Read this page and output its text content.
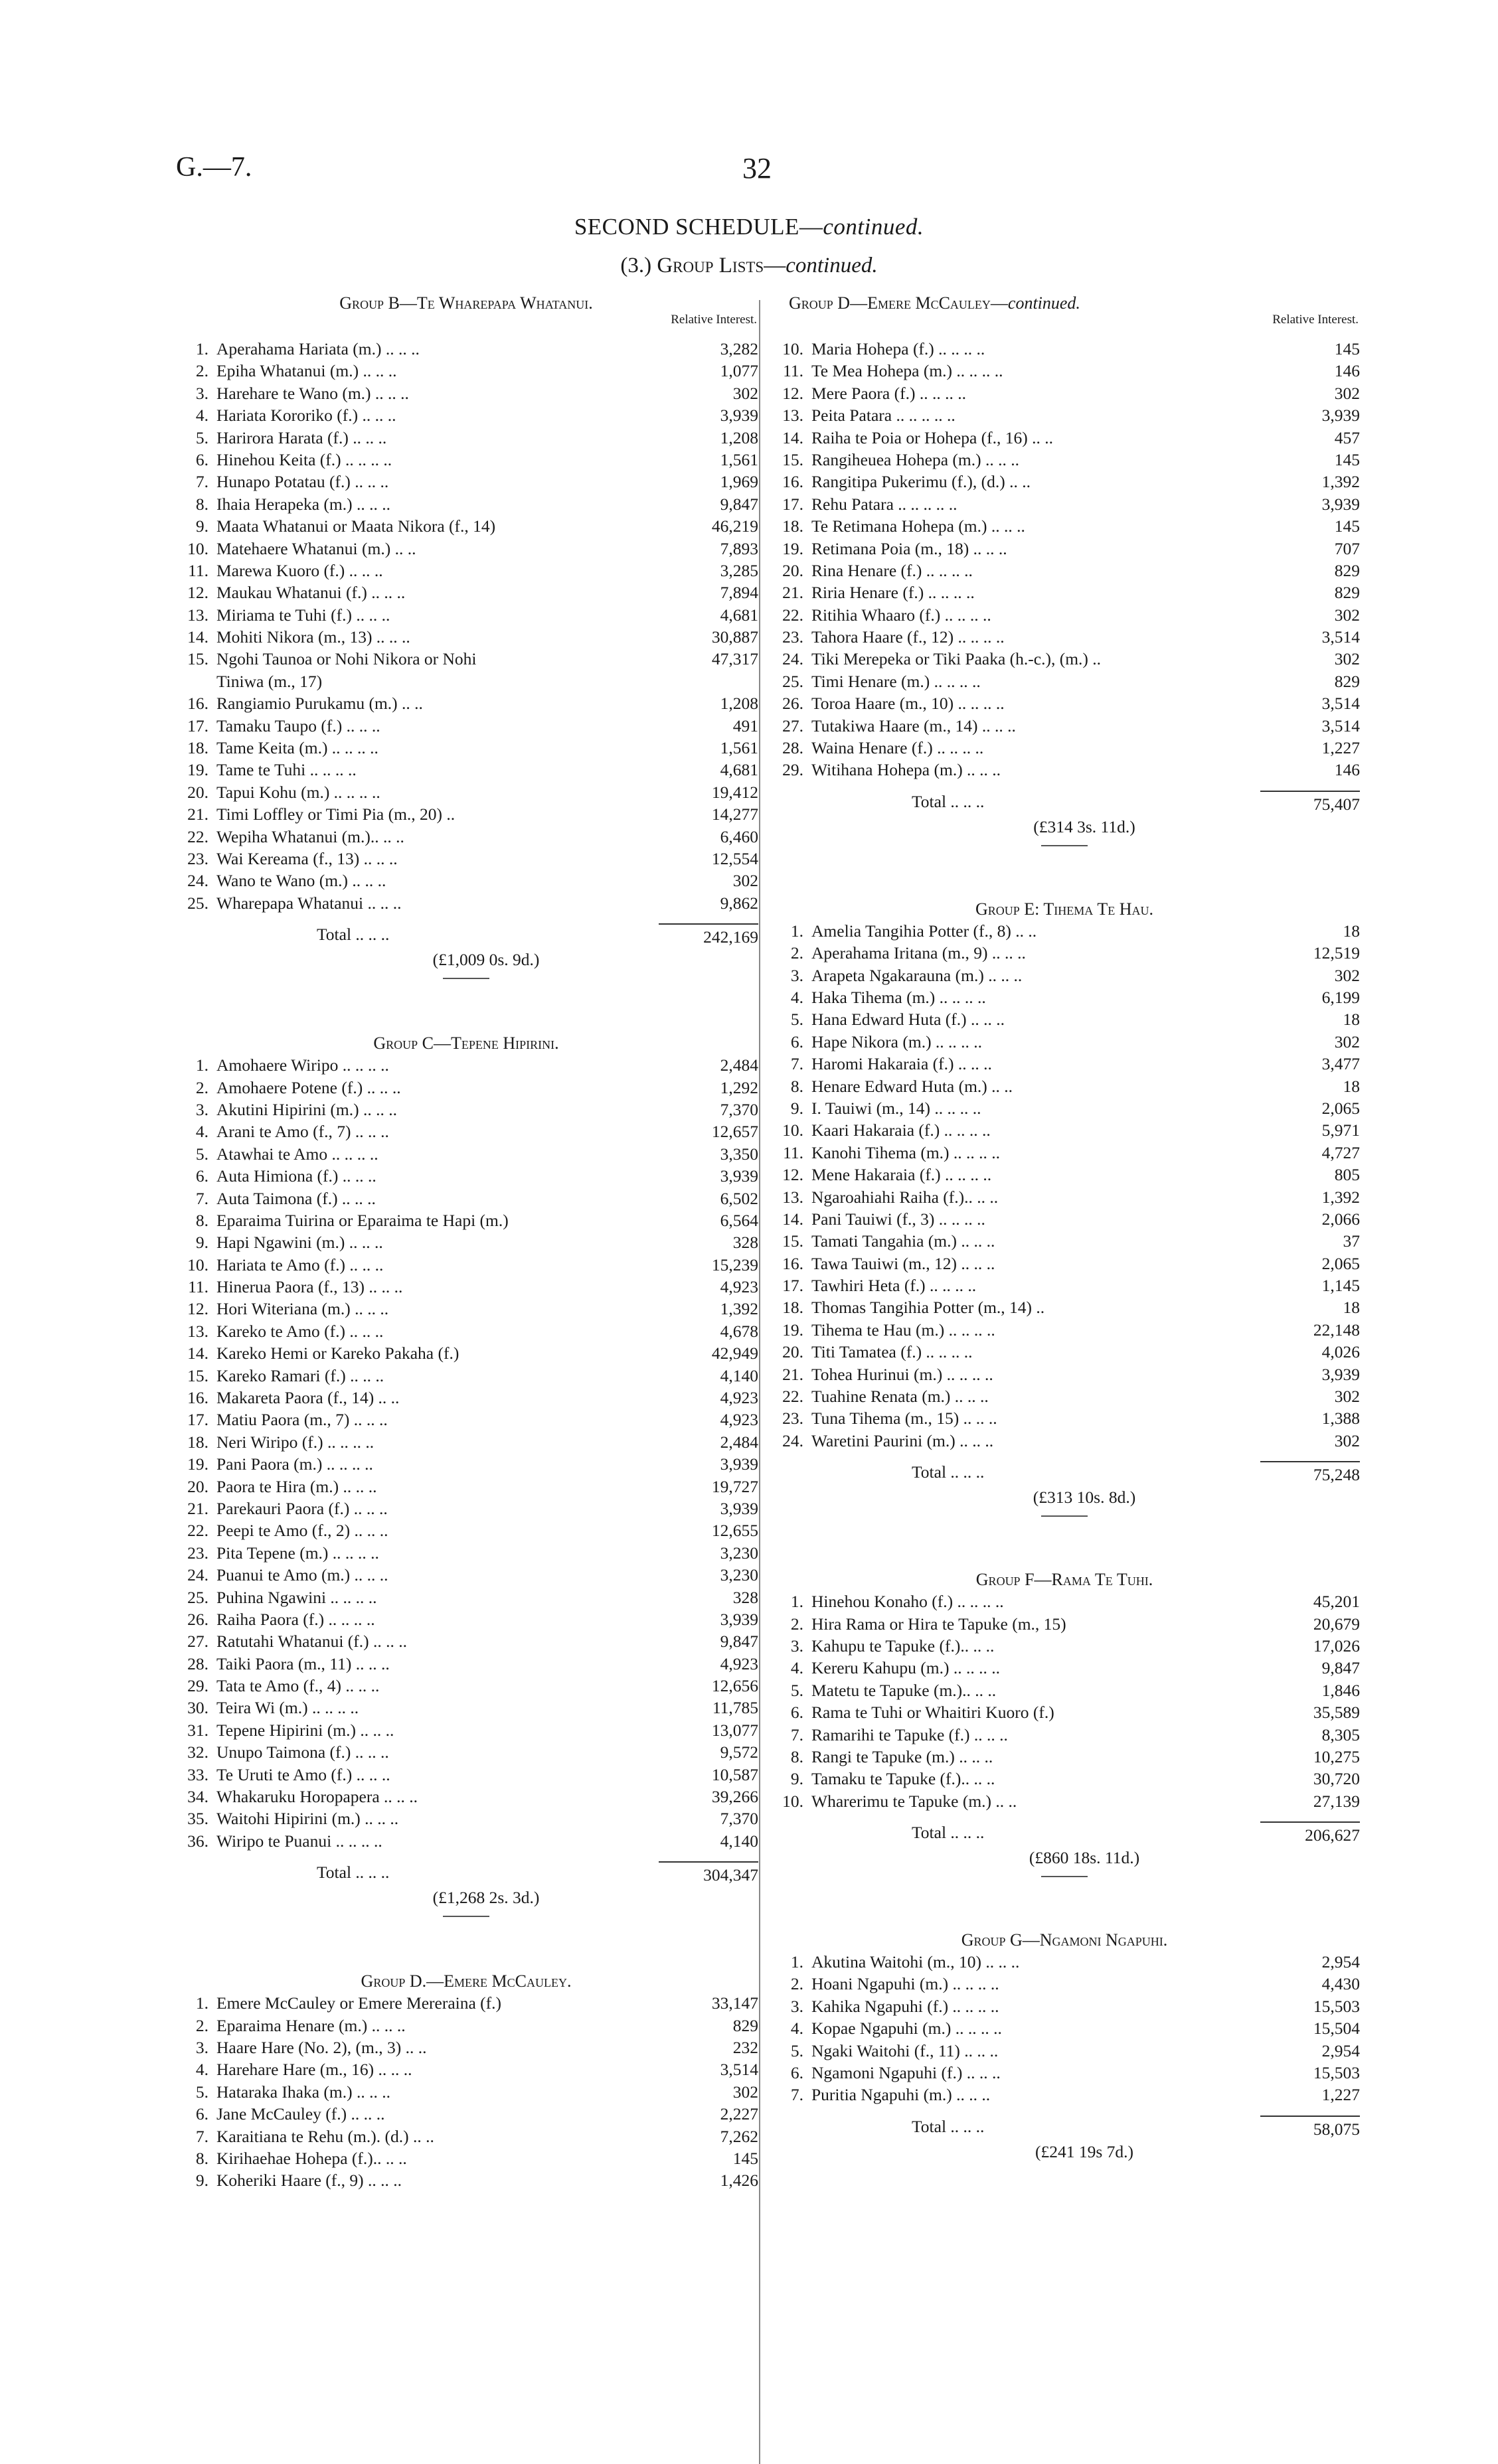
G.—7.	32
SECOND SCHEDULE—continued.
(3.) Group Lists—continued.
Group B—Te Wharepapa Whatanui.
Relative Interest.
1. Aperahama Hariata (m.) .. .. ..	3,282
2. Epiha Whatanui (m.) .. .. ..	1,077
3. Harehare te Wano (m.) .. .. ..	302
4. Hariata Kororiko (f.) .. .. ..	3,939
5. Harirora Harata (f.) .. .. ..	1,208
6. Hinehou Keita (f.) .. .. .. ..	1,561
7. Hunapo Potatau (f.) .. .. ..	1,969
8. Ihaia Herapeka (m.) .. .. ..	9,847
9. Maata Whatanui or Maata Nikora (f., 14)	46,219
10. Matehaere Whatanui (m.) .. ..	7,893
11. Marewa Kuoro (f.) .. .. ..	3,285
12. Maukau Whatanui (f.) .. .. ..	7,894
13. Miriama te Tuhi (f.) .. .. ..	4,681
14. Mohiti Nikora (m., 13) .. .. ..	30,887
15. Ngohi Taunoa or Nohi Nikora or Nohi	47,317
Tiniwa (m., 17)
16. Rangiamio Purukamu (m.) .. ..	1,208
17. Tamaku Taupo (f.) .. .. ..	491
18. Tame Keita (m.) .. .. .. ..	1,561
19. Tame te Tuhi .. .. .. ..	4,681
20. Tapui Kohu (m.) .. .. .. ..	19,412
21. Timi Loffley or Timi Pia (m., 20) ..	14,277
22. Wepiha Whatanui (m.).. .. ..	6,460
23. Wai Kereama (f., 13) .. .. ..	12,554
24. Wano te Wano (m.) .. .. ..	302
25. Wharepapa Whatanui .. .. ..	9,862
Total .. .. ..	242,169
(£1,009 0s. 9d.)
Group C—Tepene Hipirini.
1. Amohaere Wiripo .. .. .. ..	2,484
2. Amohaere Potene (f.) .. .. ..	1,292
3. Akutini Hipirini (m.) .. .. ..	7,370
4. Arani te Amo (f., 7) .. .. ..	12,657
5. Atawhai te Amo .. .. .. ..	3,350
6. Auta Himiona (f.) .. .. ..	3,939
7. Auta Taimona (f.) .. .. ..	6,502
8. Eparaima Tuirina or Eparaima te Hapi (m.)	6,564
9. Hapi Ngawini (m.) .. .. ..	328
10. Hariata te Amo (f.) .. .. ..	15,239
11. Hineruа Paora (f., 13) .. .. ..	4,923
12. Hori Witeriana (m.) .. .. ..	1,392
13. Kareko te Amo (f.) .. .. ..	4,678
14. Kareko Hemi or Kareko Pakaha (f.)	42,949
15. Kareko Ramari (f.) .. .. ..	4,140
16. Makareta Paora (f., 14) .. ..	4,923
17. Matiu Paora (m., 7) .. .. ..	4,923
18. Neri Wiripo (f.) .. .. .. ..	2,484
19. Pani Paora (m.) .. .. .. ..	3,939
20. Paora te Hira (m.) .. .. ..	19,727
21. Parekauri Paora (f.) .. .. ..	3,939
22. Peepi te Amo (f., 2) .. .. ..	12,655
23. Pita Tepene (m.) .. .. .. ..	3,230
24. Puanui te Amo (m.) .. .. ..	3,230
25. Puhina Ngawini .. .. .. ..	328
26. Raiha Paora (f.) .. .. .. ..	3,939
27. Ratutahi Whatanui (f.) .. .. ..	9,847
28. Taiki Paora (m., 11) .. .. ..	4,923
29. Tata te Amo (f., 4) .. .. ..	12,656
30. Teira Wi (m.) .. .. .. ..	11,785
31. Tepene Hipirini (m.) .. .. ..	13,077
32. Unupo Taimona (f.) .. .. ..	9,572
33. Te Uruti te Amo (f.) .. .. ..	10,587
34. Whakaruku Horopapera .. .. ..	39,266
35. Waitohi Hipirini (m.) .. .. ..	7,370
36. Wiripo te Puanui .. .. .. ..	4,140
Total .. .. ..	304,347
(£1,268 2s. 3d.)
Group D.—Emere McCauley.
1. Emere McCauley or Emere Mereraina (f.)	33,147
2. Eparaima Henare (m.) .. .. ..	829
3. Haare Hare (No. 2), (m., 3) .. ..	232
4. Harehare Hare (m., 16) .. .. ..	3,514
5. Hataraka Ihaka (m.) .. .. ..	302
6. Jane McCauley (f.) .. .. ..	2,227
7. Karaitiana te Rehu (m.). (d.) .. ..	7,262
8. Kirihaehae Hohepa (f.).. .. ..	145
9. Koheriki Haare (f., 9) .. .. ..	1,426
Group D—Emere McCauley—continued.
Relative Interest.
10. Maria Hohepa (f.) .. .. .. ..	145
11. Te Mea Hohepa (m.) .. .. .. ..	146
12. Mere Paora (f.) .. .. .. ..	302
13. Peita Patara .. .. .. .. ..	3,939
14. Raiha te Poia or Hohepa (f., 16) .. ..	457
15. Rangiheuea Hohepa (m.) .. .. ..	145
16. Rangitipa Pukerimu (f.), (d.) .. ..	1,392
17. Rehu Patara .. .. .. .. ..	3,939
18. Te Retimana Hohepa (m.) .. .. ..	145
19. Retimana Poia (m., 18) .. .. ..	707
20. Rina Henare (f.) .. .. .. ..	829
21. Riria Henare (f.) .. .. .. ..	829
22. Ritihia Whaaro (f.) .. .. .. ..	302
23. Tahora Haare (f., 12) .. .. .. ..	3,514
24. Tiki Merepeka or Tiki Paaka (h.-c.), (m.) ..	302
25. Timi Henare (m.) .. .. .. ..	829
26. Toroa Haare (m., 10) .. .. .. ..	3,514
27. Tutakiwa Haare (m., 14) .. .. ..	3,514
28. Waina Henare (f.) .. .. .. ..	1,227
29. Witihana Hohepa (m.) .. .. ..	146
Total .. .. ..	75,407
(£314 3s. 11d.)
Group E: Tihema Te Hau.
1. Amelia Tangihia Potter (f., 8) .. ..	18
2. Aperahama Iritana (m., 9) .. .. ..	12,519
3. Arapeta Ngakarauna (m.) .. .. ..	302
4. Haka Tihema (m.) .. .. .. ..	6,199
5. Hana Edward Huta (f.) .. .. ..	18
6. Hape Nikora (m.) .. .. .. ..	302
7. Haromi Hakaraia (f.) .. .. ..	3,477
8. Henare Edward Huta (m.) .. ..	18
9. I. Tauiwi (m., 14) .. .. .. ..	2,065
10. Kaari Hakaraia (f.) .. .. .. ..	5,971
11. Kanohi Tihema (m.) .. .. .. ..	4,727
12. Mene Hakaraia (f.) .. .. .. ..	805
13. Ngaroahiahi Raiha (f.).. .. ..	1,392
14. Pani Tauiwi (f., 3) .. .. .. ..	2,066
15. Tamati Tangahia (m.) .. .. ..	37
16. Tawa Tauiwi (m., 12) .. .. ..	2,065
17. Tawhiri Heta (f.) .. .. .. ..	1,145
18. Thomas Tangihia Potter (m., 14) ..	18
19. Tihema te Hau (m.) .. .. .. ..	22,148
20. Titi Tamatea (f.) .. .. .. ..	4,026
21. Tohea Hurinui (m.) .. .. .. ..	3,939
22. Tuahine Renata (m.) .. .. ..	302
23. Tuna Tihema (m., 15) .. .. ..	1,388
24. Waretini Paurini (m.) .. .. ..	302
Total .. .. ..	75,248
(£313 10s. 8d.)
Group F—Rama Te Tuhi.
1. Hinehou Konaho (f.) .. .. .. ..	45,201
2. Hira Rama or Hira te Tapuke (m., 15)	20,679
3. Kahupu te Tapuke (f.).. .. ..	17,026
4. Kereru Kahupu (m.) .. .. .. ..	9,847
5. Matetu te Tapuke (m.).. .. ..	1,846
6. Rama te Tuhi or Whaitiri Kuoro (f.)	35,589
7. Ramarihi te Tapuke (f.) .. .. ..	8,305
8. Rangi te Tapuke (m.) .. .. ..	10,275
9. Tamaku te Tapuke (f.).. .. ..	30,720
10. Wharerimu te Tapuke (m.) .. ..	27,139
Total .. .. ..	206,627
(£860 18s. 11d.)
Group G—Ngamoni Ngapuhi.
1. Akutina Waitohi (m., 10) .. .. ..	2,954
2. Hoani Ngapuhi (m.) .. .. .. ..	4,430
3. Kahika Ngapuhi (f.) .. .. .. ..	15,503
4. Kopae Ngapuhi (m.) .. .. .. ..	15,504
5. Ngaki Waitohi (f., 11) .. .. ..	2,954
6. Ngamoni Ngapuhi (f.) .. .. ..	15,503
7. Puritia Ngapuhi (m.) .. .. ..	1,227
Total .. .. ..	58,075
(£241 19s 7d.)
